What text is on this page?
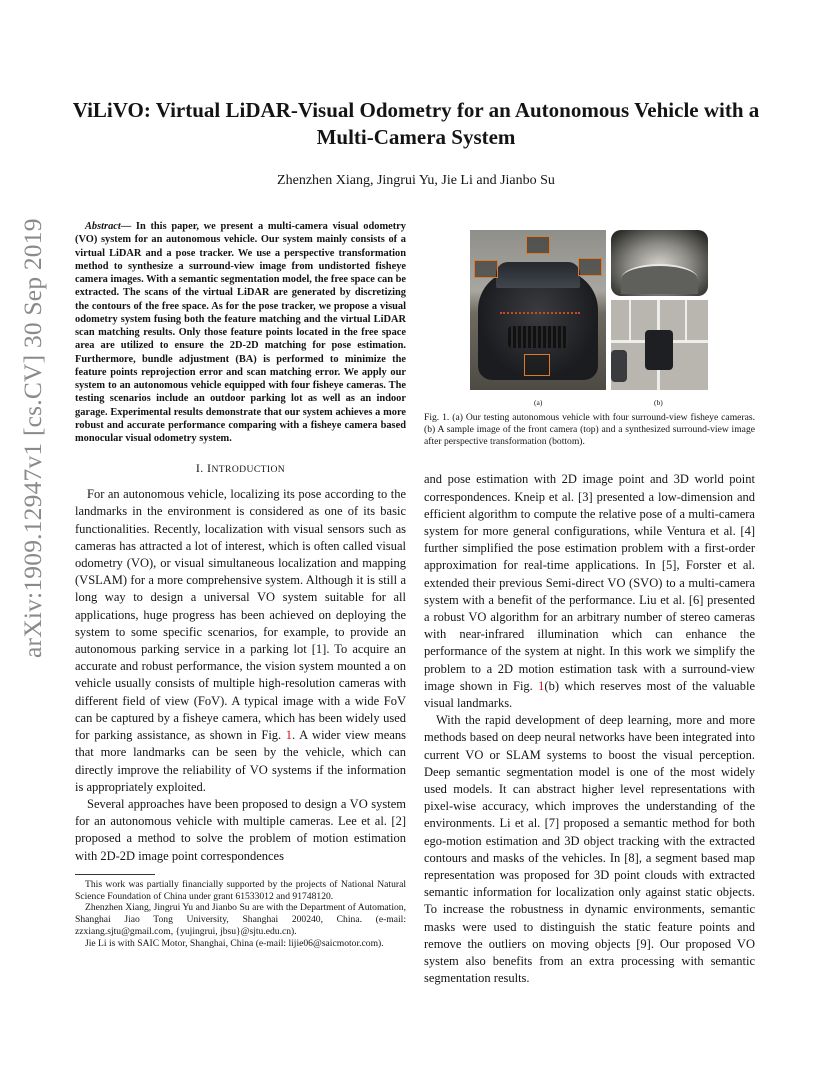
arXiv:1909.12947v1 [cs.CV] 30 Sep 2019
ViLiVO: Virtual LiDAR-Visual Odometry for an Autonomous Vehicle with a Multi-Camera System
Zhenzhen Xiang, Jingrui Yu, Jie Li and Jianbo Su

Abstract— In this paper, we present a multi-camera visual odometry (VO) system for an autonomous vehicle. Our system mainly consists of a virtual LiDAR and a pose tracker. We use a perspective transformation method to synthesize a surround-view image from undistorted fisheye camera images. With a semantic segmentation model, the free space can be extracted. The scans of the virtual LiDAR are generated by discretizing the contours of the free space. As for the pose tracker, we propose a visual odometry system fusing both the feature matching and the virtual LiDAR scan matching results. Only those feature points located in the free space area are utilized to ensure the 2D-2D matching for pose estimation. Furthermore, bundle adjustment (BA) is performed to minimize the feature points reprojection error and scan matching error. We apply our system to an autonomous vehicle equipped with four fisheye cameras. The testing scenarios include an outdoor parking lot as well as an indoor garage. Experimental results demonstrate that our system achieves a more robust and accurate performance comparing with a fisheye camera based monocular visual odometry system.

I. INTRODUCTION

For an autonomous vehicle, localizing its pose according to the landmarks in the environment is considered as one of its basic functionalities. Recently, localization with visual sensors such as cameras has attracted a lot of interest, which is often called visual odometry (VO), or visual simultaneous localization and mapping (VSLAM) for a more comprehensive system. Although it is still a long way to design a universal VO system suitable for all applications, huge progress has been achieved on deploying the system to some specific scenarios, for example, to provide an autonomous parking service in a parking lot [1]. To acquire an accurate and robust performance, the vision system mounted a on vehicle usually consists of multiple high-resolution cameras with different field of view (FoV). A typical image with a wide FoV can be captured by a fisheye camera, which has been widely used for parking assistance, as shown in Fig. 1. A wider view means that more landmarks can be seen by the vehicle, which can directly improve the reliability of VO systems if the information is appropriately exploited.

Several approaches have been proposed to design a VO system for an autonomous vehicle with multiple cameras. Lee et al. [2] proposed a method to solve the problem of motion estimation with 2D-2D image point correspondences

This work was partially financially supported by the projects of National Natural Science Foundation of China under grant 61533012 and 91748120.

Zhenzhen Xiang, Jingrui Yu and Jianbo Su are with the Department of Automation, Shanghai Jiao Tong University, Shanghai 200240, China. (e-mail: zzxiang.sjtu@gmail.com, {yujingrui, jbsu}@sjtu.edu.cn).

Jie Li is with SAIC Motor, Shanghai, China (e-mail: lijie06@saicmotor.com).

(a)	(b)

Fig. 1. (a) Our testing autonomous vehicle with four surround-view fisheye cameras. (b) A sample image of the front camera (top) and a synthesized surround-view image after perspective transformation (bottom).

and pose estimation with 2D image point and 3D world point correspondences. Kneip et al. [3] presented a low-dimension and efficient algorithm to compute the relative pose of a multi-camera system for more general configurations, while Ventura et al. [4] further simplified the pose estimation problem with a first-order approximation for real-time applications. In [5], Forster et al. extended their previous Semi-direct VO (SVO) to a multi-camera system with a benefit of the performance. Liu et al. [6] presented a robust VO algorithm for an arbitrary number of stereo cameras with near-infrared illumination which can enhance the performance of the system at night. In this work we simplify the problem to a 2D motion estimation task with a surround-view image shown in Fig. 1(b) which reserves most of the valuable visual landmarks.

With the rapid development of deep learning, more and more methods based on deep neural networks have been integrated into current VO or SLAM systems to boost the visual perception. Deep semantic segmentation model is one of the most widely used models. It can abstract higher level representations with pixel-wise accuracy, which improves the understanding of the environments. Li et al. [7] proposed a semantic method for both ego-motion estimation and 3D object tracking with the extracted contours and masks of the vehicles. In [8], a segment based map representation was proposed for 3D point clouds with extracted semantic information for localization only against static objects. To increase the robustness in dynamic environments, semantic masks were used to distinguish the static feature points and remove the outliers on moving objects [9]. Our proposed VO system also benefits from an extra processing with semantic segmentation results.
